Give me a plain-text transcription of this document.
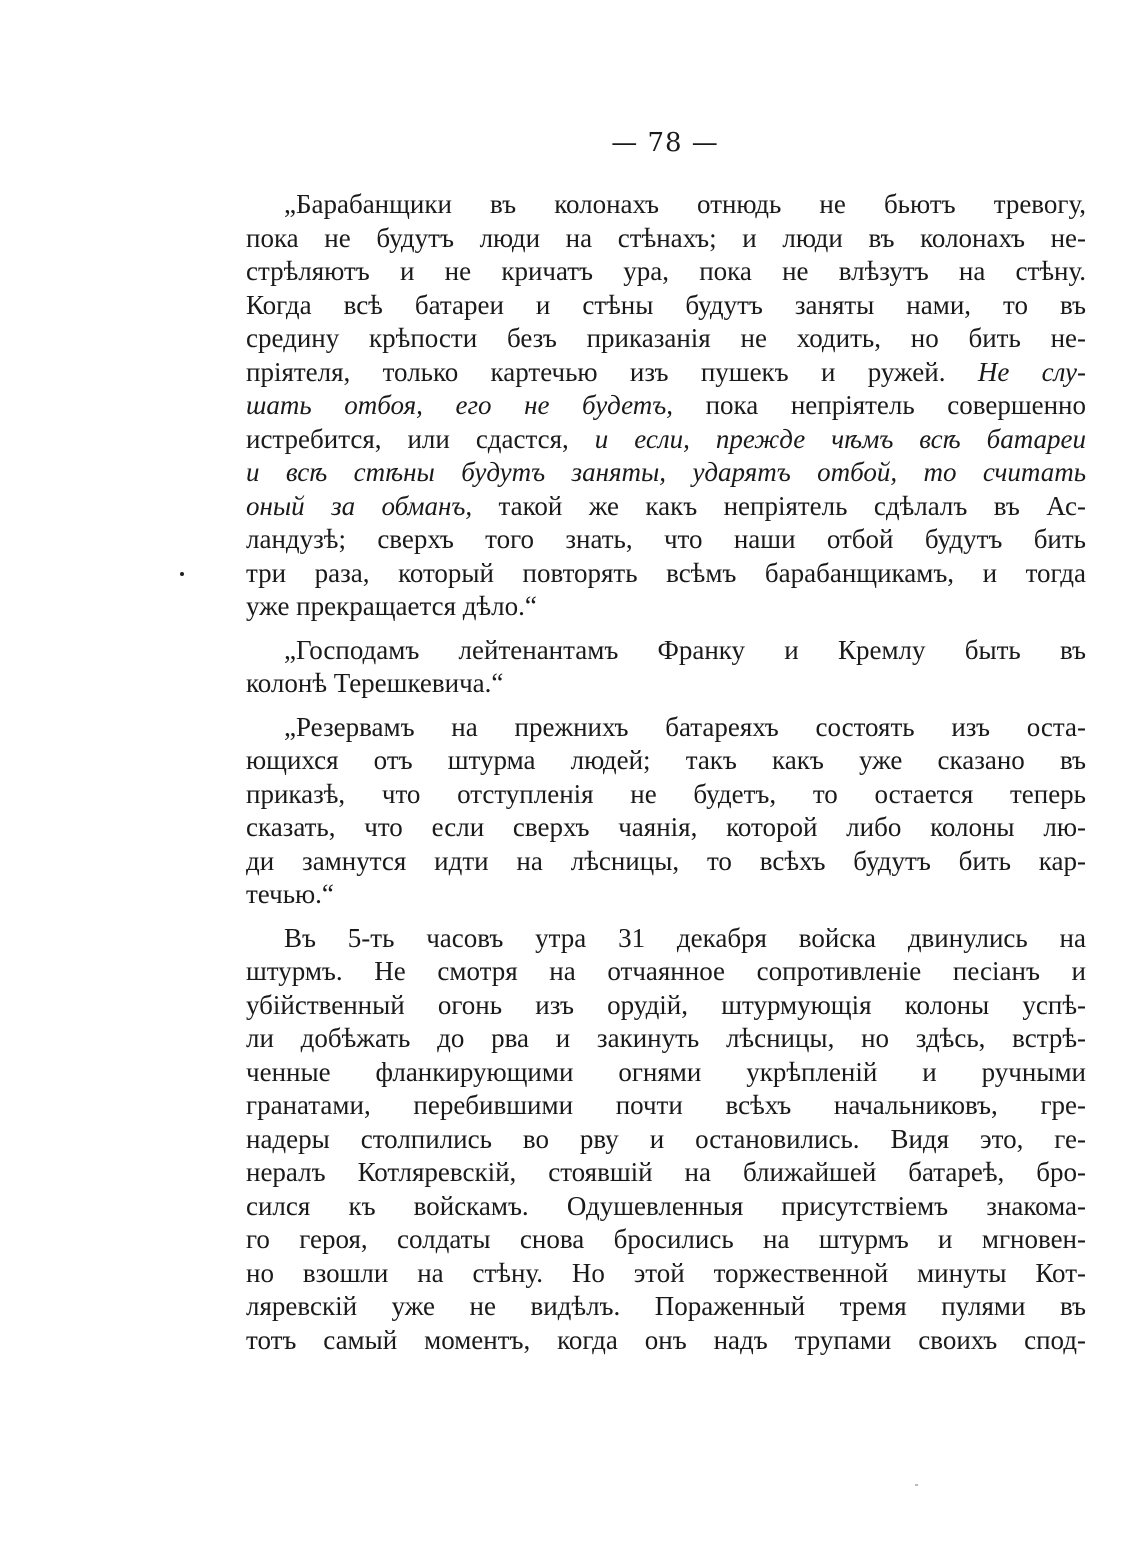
— 78 —

„Барабанщики въ колонахъ отнюдь не бьютъ тревогу,
пока не будутъ люди на стѣнахъ; и люди въ колонахъ не-
стрѣляютъ и не кричатъ ура, пока не влѣзутъ на стѣну.
Когда всѣ батареи и стѣны будутъ заняты нами, то въ
средину крѣпости безъ приказанія не ходить, но бить не-
пріятеля, только картечью изъ пушекъ и ружей. Не слу-
шать отбоя, его не будетъ, пока непріятель совершенно
истребится, или сдастся, и если, прежде чѣмъ всѣ батареи
и всѣ стѣны будутъ заняты, ударятъ отбой, то считать
оный за обманъ, такой же какъ непріятель сдѣлалъ въ Ас-
ландузѣ; сверхъ того знать, что наши отбой будутъ бить
три раза, который повторять всѣмъ барабанщикамъ, и тогда
уже прекращается дѣло.“

„Господамъ лейтенантамъ Франку и Кремлу быть въ
колонѣ Терешкевича.“

„Резервамъ на прежнихъ батареяхъ состоять изъ оста-
ющихся отъ штурма людей; такъ какъ уже сказано въ
приказѣ, что отступленія не будетъ, то остается теперь
сказать, что если сверхъ чаянія, которой либо колоны лю-
ди замнутся идти на лѣсницы, то всѣхъ будутъ бить кар-
течью.“

Въ 5-ть часовъ утра 31 декабря войска двинулись на
штурмъ. Не смотря на отчаянное сопротивленіе песіанъ и
убійственный огонь изъ орудій, штурмующія колоны успѣ-
ли добѣжать до рва и закинуть лѣсницы, но здѣсь, встрѣ-
ченные фланкирующими огнями укрѣпленій и ручными
гранатами, перебившими почти всѣхъ начальниковъ, гре-
надеры столпились во рву и остановились. Видя это, ге-
нералъ Котляревскій, стоявшій на ближайшей батареѣ, бро-
сился къ войскамъ. Одушевленныя присутствіемъ знакома-
го героя, солдаты снова бросились на штурмъ и мгновен-
но взошли на стѣну. Но этой торжественной минуты Кот-
ляревскій уже не видѣлъ. Пораженный тремя пулями въ
тотъ самый моментъ, когда онъ надъ трупами своихъ спод-
